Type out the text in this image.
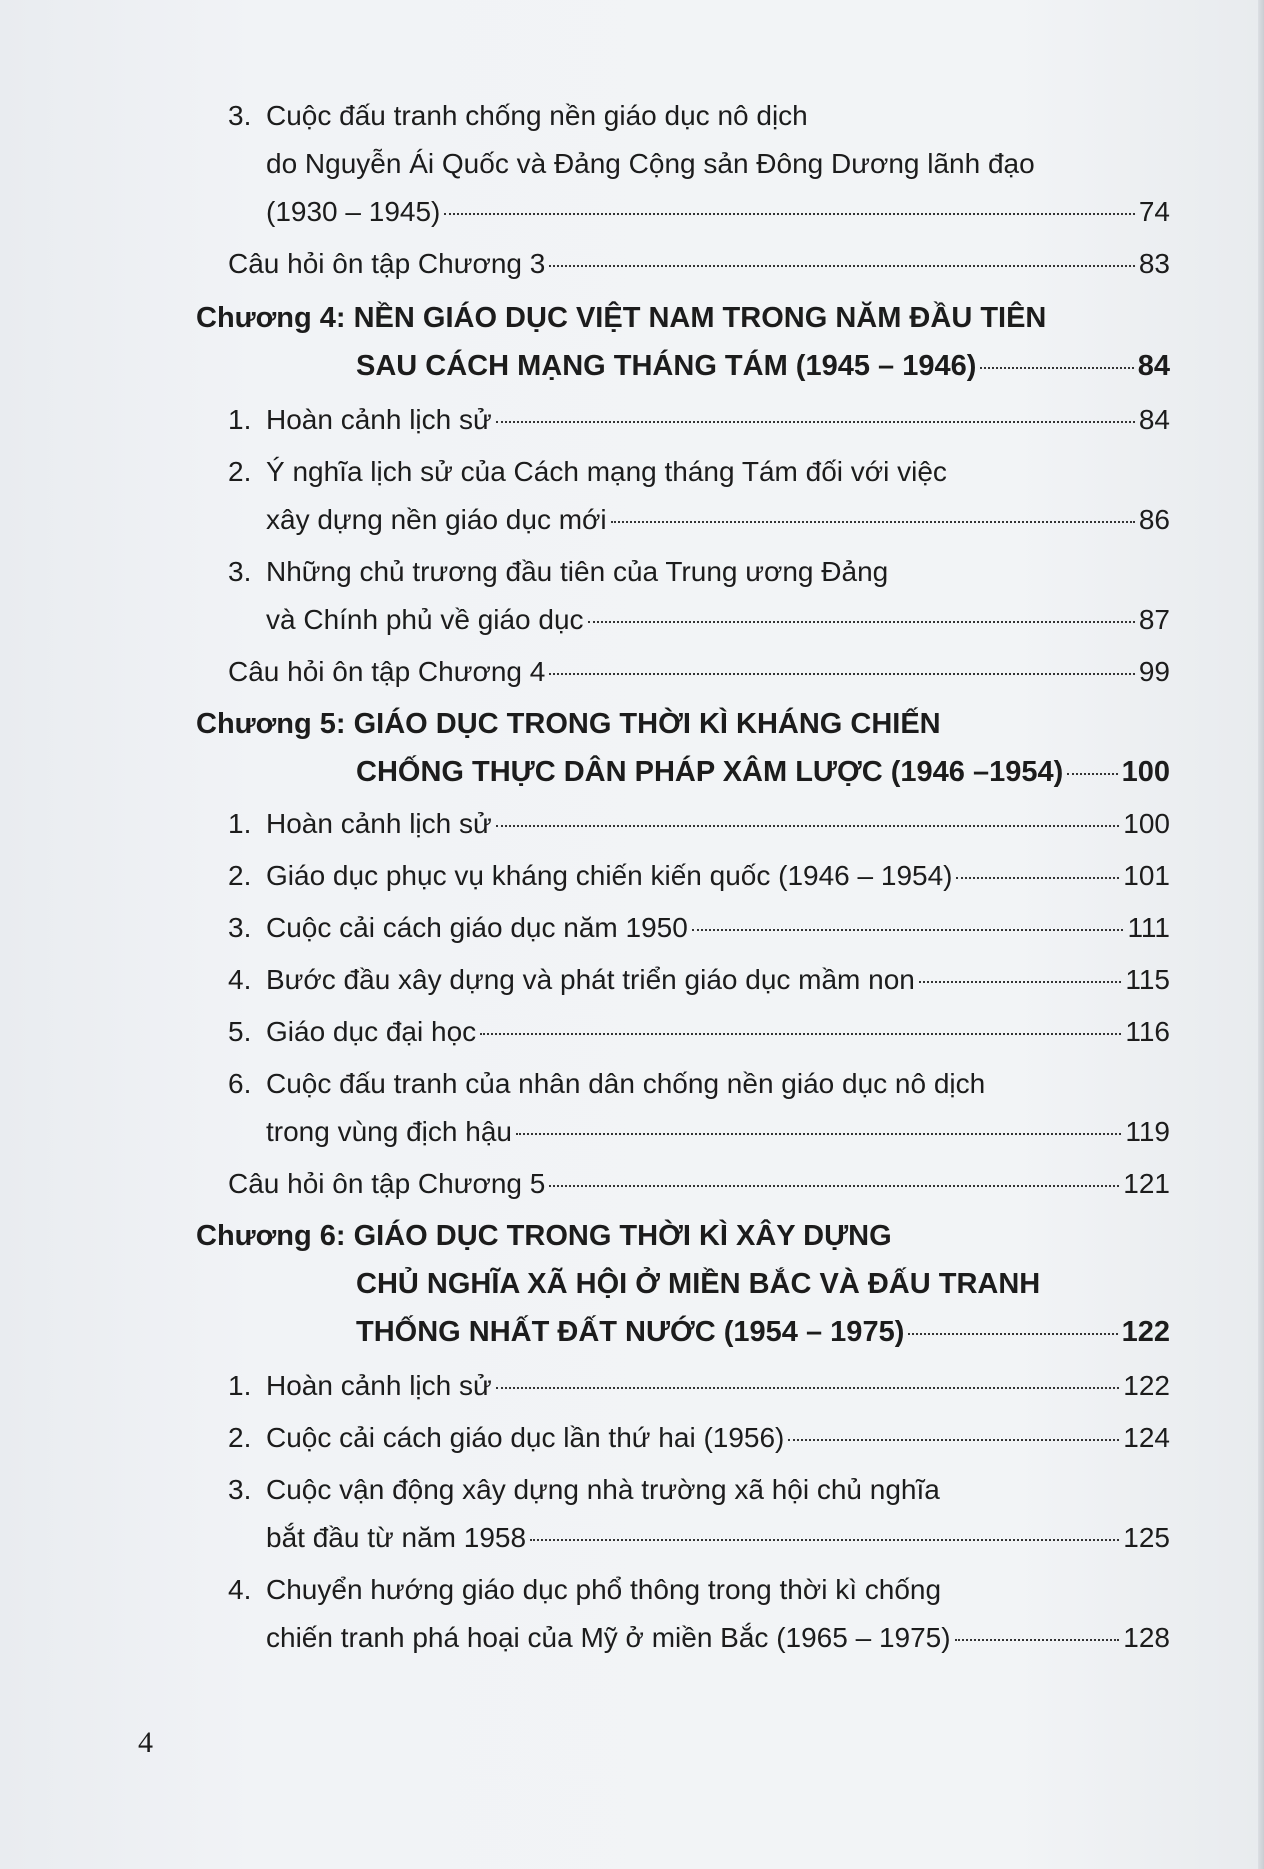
3. Cuộc đấu tranh chống nền giáo dục nô dịch
do Nguyễn Ái Quốc và Đảng Cộng sản Đông Dương lãnh đạo
(1930 – 1945)	74
Câu hỏi ôn tập Chương 3	83
Chương 4: NỀN GIÁO DỤC VIỆT NAM TRONG NĂM ĐẦU TIÊN
SAU CÁCH MẠNG THÁNG TÁM (1945 – 1946)	84
1. Hoàn cảnh lịch sử	84
2. Ý nghĩa lịch sử của Cách mạng tháng Tám đối với việc
xây dựng nền giáo dục mới	86
3. Những chủ trương đầu tiên của Trung ương Đảng
và Chính phủ về giáo dục	87
Câu hỏi ôn tập Chương 4	99
Chương 5: GIÁO DỤC TRONG THỜI KÌ KHÁNG CHIẾN
CHỐNG THỰC DÂN PHÁP XÂM LƯỢC (1946 –1954) 100
1. Hoàn cảnh lịch sử	100
2. Giáo dục phục vụ kháng chiến kiến quốc (1946 – 1954)	101
3. Cuộc cải cách giáo dục năm 1950	111
4. Bước đầu xây dựng và phát triển giáo dục mầm non	115
5. Giáo dục đại học	116
6. Cuộc đấu tranh của nhân dân chống nền giáo dục nô dịch
trong vùng địch hậu	119
Câu hỏi ôn tập Chương 5	121
Chương 6: GIÁO DỤC TRONG THỜI KÌ XÂY DỰNG
CHỦ NGHĨA XÃ HỘI Ở MIỀN BẮC VÀ ĐẤU TRANH
THỐNG NHẤT ĐẤT NƯỚC (1954 – 1975)	122
1. Hoàn cảnh lịch sử	122
2. Cuộc cải cách giáo dục lần thứ hai (1956)	124
3. Cuộc vận động xây dựng nhà trường xã hội chủ nghĩa
bắt đầu từ năm 1958	125
4. Chuyển hướng giáo dục phổ thông trong thời kì chống
chiến tranh phá hoại của Mỹ ở miền Bắc (1965 – 1975)	128
4
